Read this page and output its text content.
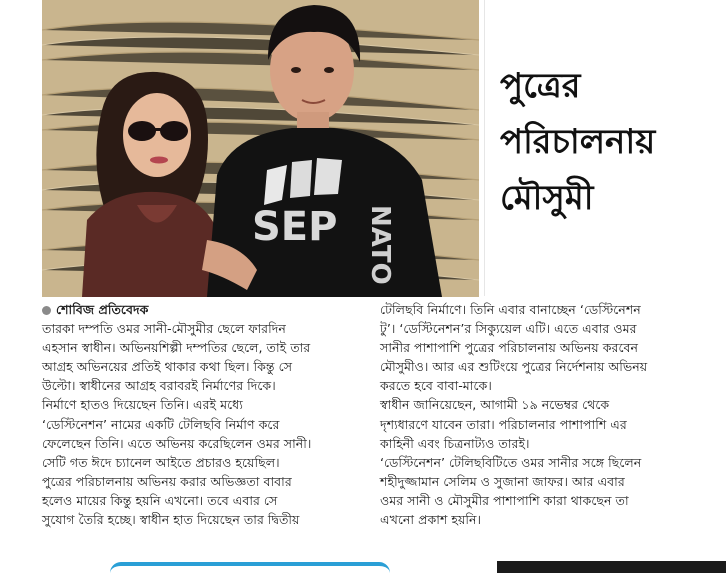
SEP NATO
পুত্রের
পরিচালনায়
মৌসুমী

শোবিজ প্রতিবেদক

তারকা দম্পতি ওমর সানী-মৌসুমীর ছেলে ফারদিন

এহসান স্বাধীন। অভিনয়শিল্পী দম্পতির ছেলে, তাই তার

আগ্রহ অভিনয়ের প্রতিই থাকার কথা ছিল। কিন্তু সে

উল্টো। স্বাধীনের আগ্রহ বরাবরই নির্মাণের দিকে।

নির্মাণে হাতও দিয়েছেন তিনি। এরই মধ্যে

‘ডেস্টিনেশন’ নামের একটি টেলিছবি নির্মাণ করে

ফেলেছেন তিনি। এতে অভিনয় করেছিলেন ওমর সানী।

সেটি গত ঈদে চ্যানেল আইতে প্রচারও হয়েছিল।

পুত্রের পরিচালনায় অভিনয় করার অভিজ্ঞতা বাবার

হলেও মায়ের কিন্তু হয়নি এখনো। তবে এবার সে

সুযোগ তৈরি হচ্ছে। স্বাধীন হাত দিয়েছেন তার দ্বিতীয়

টেলিছবি নির্মাণে। তিনি এবার বানাচ্ছেন ‘ডেস্টিনেশন

টু’। ‘ডেস্টিনেশন’র সিক্যুয়েল এটি। এতে এবার ওমর

সানীর পাশাপাশি পুত্রের পরিচালনায় অভিনয় করবেন

মৌসুমীও। আর এর শুটিংয়ে পুত্রের নির্দেশনায় অভিনয়

করতে হবে বাবা-মাকে।

স্বাধীন জানিয়েছেন, আগামী ১৯ নভেম্বর থেকে

দৃশ্যধারণে যাবেন তারা। পরিচালনার পাশাপাশি এর

কাহিনী এবং চিত্রনাট্যও তারই।

‘ডেস্টিনেশন’ টেলিছবিটিতে ওমর সানীর সঙ্গে ছিলেন

শহীদুজ্জামান সেলিম ও সুজানা জাফর। আর এবার

ওমর সানী ও মৌসুমীর পাশাপাশি কারা থাকছেন তা

এখনো প্রকাশ হয়নি।
